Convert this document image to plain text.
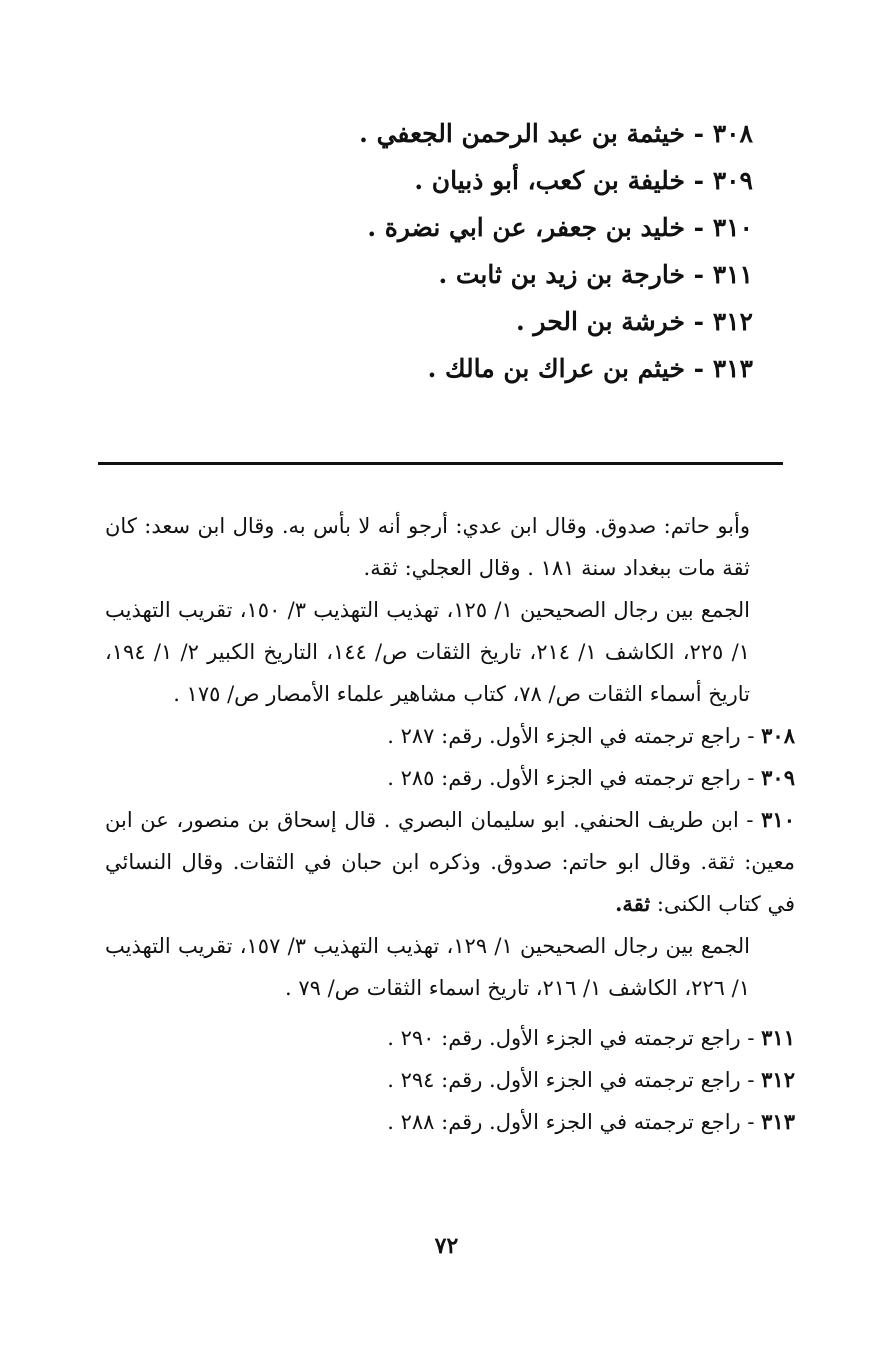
٣٠٨ - خيثمة بن عبد الرحمن الجعفي .
٣٠٩ - خليفة بن كعب، أبو ذبيان .
٣١٠ - خليد بن جعفر، عن ابي نضرة .
٣١١ - خارجة بن زيد بن ثابت .
٣١٢ - خرشة بن الحر .
٣١٣ - خيثم بن عراك بن مالك .
وأبو حاتم: صدوق. وقال ابن عدي: أرجو أنه لا بأس به. وقال ابن سعد: كان ثقة مات ببغداد سنة ١٨١ . وقال العجلي: ثقة.
الجمع بين رجال الصحيحين ١/ ١٢٥، تهذيب التهذيب ٣/ ١٥٠، تقريب التهذيب ١/ ٢٢٥، الكاشف ١/ ٢١٤، تاريخ الثقات ص/ ١٤٤، التاريخ الكبير ٢/ ١/ ١٩٤، تاريخ أسماء الثقات ص/ ٧٨، كتاب مشاهير علماء الأمصار ص/ ١٧٥ .
٣٠٨ - راجع ترجمته في الجزء الأول. رقم: ٢٨٧ .
٣٠٩ - راجع ترجمته في الجزء الأول. رقم: ٢٨٥ .
٣١٠ - ابن طريف الحنفي. ابو سليمان البصري . قال إسحاق بن منصور، عن ابن معين: ثقة. وقال ابو حاتم: صدوق. وذكره ابن حبان في الثقات. وقال النسائي في كتاب الكنى: ثقة.
الجمع بين رجال الصحيحين ١/ ١٢٩، تهذيب التهذيب ٣/ ١٥٧، تقريب التهذيب ١/ ٢٢٦، الكاشف ١/ ٢١٦، تاريخ اسماء الثقات ص/ ٧٩ .
٣١١ - راجع ترجمته في الجزء الأول. رقم: ٢٩٠ .
٣١٢ - راجع ترجمته في الجزء الأول. رقم: ٢٩٤ .
٣١٣ - راجع ترجمته في الجزء الأول. رقم: ٢٨٨ .
٧٢
